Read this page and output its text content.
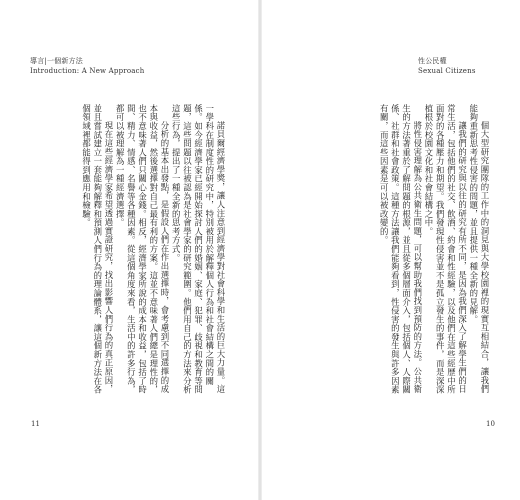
導言|一個新方法
Introduction: A New Approach

諾貝爾經濟學獎，讓人注意到經濟學對社會科學和生活的巨大力量。這一學科在制度性的研究中，特別被用於解釋個人行為和社會結構之間的關係。如今經濟學家已經開始探討人們的婚姻、家庭、犯罪、歧視和教育等問題，這些問題以往被認為是社會學家的研究範圍。他們用自己的方法來分析這些行為，提出了一種全新的思考方式。

分析的基本出發點，是假設人們在作出選擇時，會考慮到不同選擇的成本與收益，然後選擇對自己最有利的方案。這並不意味著人們總是理性的，也不意味著人們只關心金錢。相反，經濟學家所說的成本和收益，包括了時間、精力、情感、名譽等各種因素。從這個角度來看，生活中的許多行為，都可以被理解為一種經濟選擇。

現在這些經濟學家希望透過實證研究，找出影響人們行為的真正原因，並且嘗試建立一套能夠解釋和預測人們行為的理論體系，讓這個新方法在各個領域裡都能得到應用和檢驗。

11
性公民權
Sexual Citizens

個大型研究團隊的工作中的洞見與大學校園裡的現實互相結合，讓我們能夠重新思考性侵害的問題，並且提供一種全新的見解。

讓我們的研究與以往的研究有所不同，是因為我們深入了解學生們的日常生活，包括他們的社交、飲酒、約會和性經驗，以及他們在這些經歷中所面對的各種壓力和期望。我們發現性侵害並不是孤立發生的事件，而是深深植根於校園文化和社會結構之中。

將性侵害理解為公共衛生問題，可以幫助我們找到預防的方法。公共衛生的方法著重於了解問題的根源，並且從多個層面介入，包括個人、人際關係、社群和社會政策。這種方法讓我們能夠看到，性侵害的發生與許多因素有關，而這些因素是可以被改變的。

10
